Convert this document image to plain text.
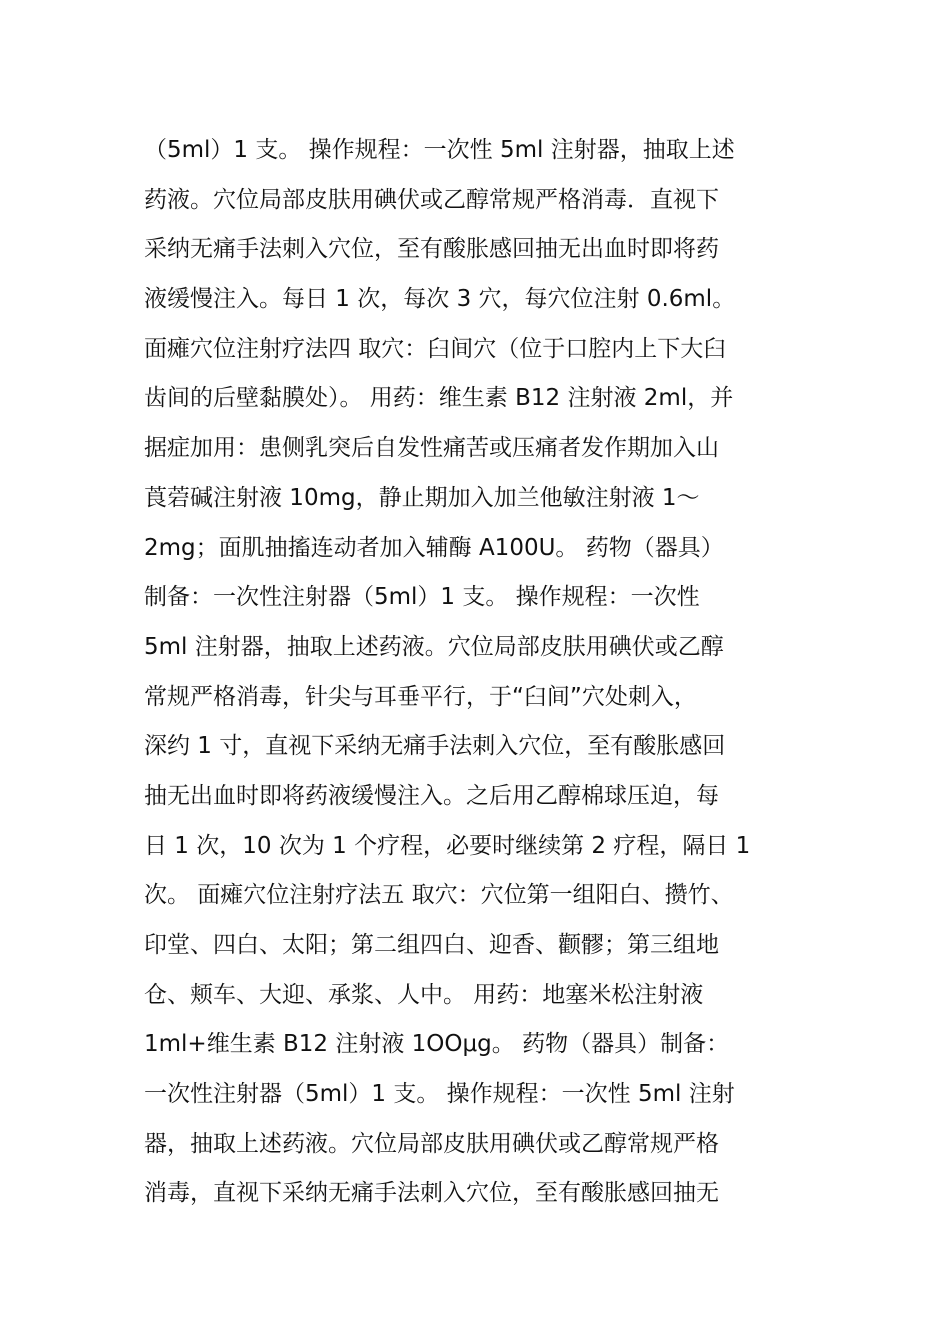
（5ml）1 支。 操作规程：一次性 5ml 注射器，抽取上述
药液。穴位局部皮肤用碘伏或乙醇常规严格消毒．直视下
采纳无痛手法刺入穴位，至有酸胀感回抽无出血时即将药
液缓慢注入。每日 1 次，每次 3 穴，每穴位注射 0.6ml。
面瘫穴位注射疗法四 取穴：臼间穴（位于口腔内上下大臼
齿间的后壁黏膜处）。 用药：维生素 B12 注射液 2ml，并
据症加用：患侧乳突后自发性痛苦或压痛者发作期加入山
莨菪碱注射液 10mg，静止期加入加兰他敏注射液 1～
2mg；面肌抽搐连动者加入辅酶 A100U。 药物（器具）
制备：一次性注射器（5ml）1 支。 操作规程：一次性
5ml 注射器，抽取上述药液。穴位局部皮肤用碘伏或乙醇
常规严格消毒，针尖与耳垂平行，于“臼间”穴处刺入，
深约 1 寸，直视下采纳无痛手法刺入穴位，至有酸胀感回
抽无出血时即将药液缓慢注入。之后用乙醇棉球压迫，每
日 1 次，10 次为 1 个疗程，必要时继续第 2 疗程，隔日 1
次。 面瘫穴位注射疗法五 取穴：穴位第一组阳白、攒竹、
印堂、四白、太阳；第二组四白、迎香、颧髎；第三组地
仓、颊车、大迎、承浆、人中。 用药：地塞米松注射液
1ml+维生素 B12 注射液 1OOμg。 药物（器具）制备：
一次性注射器（5ml）1 支。 操作规程：一次性 5ml 注射
器，抽取上述药液。穴位局部皮肤用碘伏或乙醇常规严格
消毒，直视下采纳无痛手法刺入穴位，至有酸胀感回抽无
